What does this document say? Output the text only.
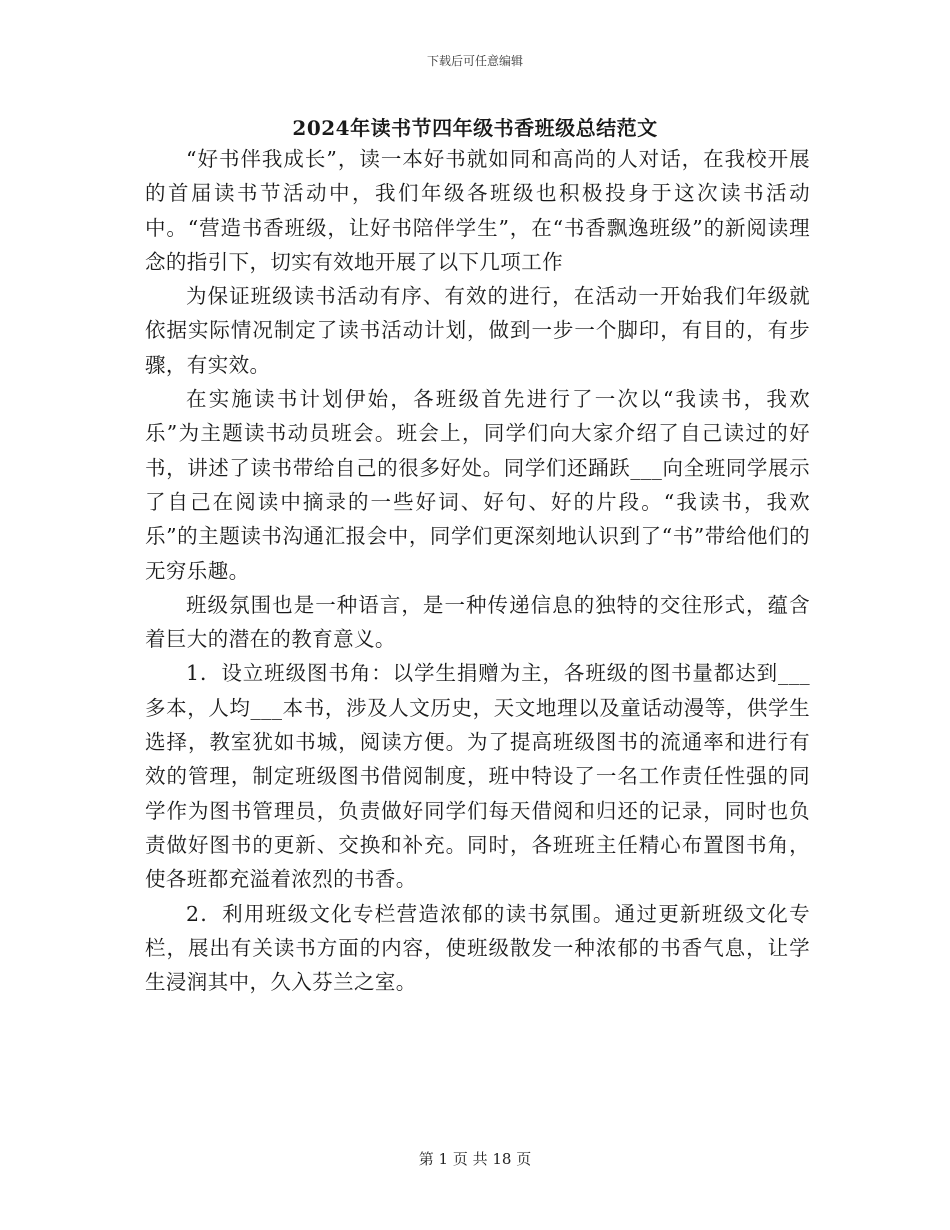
下载后可任意编辑
2024年读书节四年级书香班级总结范文

“好书伴我成长”，读一本好书就如同和高尚的人对话，在我校开展的首届读书节活动中，我们年级各班级也积极投身于这次读书活动中。“营造书香班级，让好书陪伴学生”，在“书香飘逸班级”的新阅读理念的指引下，切实有效地开展了以下几项工作

为保证班级读书活动有序、有效的进行，在活动一开始我们年级就依据实际情况制定了读书活动计划，做到一步一个脚印，有目的，有步骤，有实效。

在实施读书计划伊始，各班级首先进行了一次以“我读书，我欢乐”为主题读书动员班会。班会上，同学们向大家介绍了自己读过的好书，讲述了读书带给自己的很多好处。同学们还踊跃___向全班同学展示了自己在阅读中摘录的一些好词、好句、好的片段。“我读书，我欢乐”的主题读书沟通汇报会中，同学们更深刻地认识到了“书”带给他们的无穷乐趣。

班级氛围也是一种语言，是一种传递信息的独特的交往形式，蕴含着巨大的潜在的教育意义。

1．设立班级图书角：以学生捐赠为主，各班级的图书量都达到___多本，人均___本书，涉及人文历史，天文地理以及童话动漫等，供学生选择，教室犹如书城，阅读方便。为了提高班级图书的流通率和进行有效的管理，制定班级图书借阅制度，班中特设了一名工作责任性强的同学作为图书管理员，负责做好同学们每天借阅和归还的记录，同时也负责做好图书的更新、交换和补充。同时，各班班主任精心布置图书角，使各班都充溢着浓烈的书香。

2．利用班级文化专栏营造浓郁的读书氛围。通过更新班级文化专栏，展出有关读书方面的内容，使班级散发一种浓郁的书香气息，让学生浸润其中，久入芬兰之室。

第 1 页 共 18 页
